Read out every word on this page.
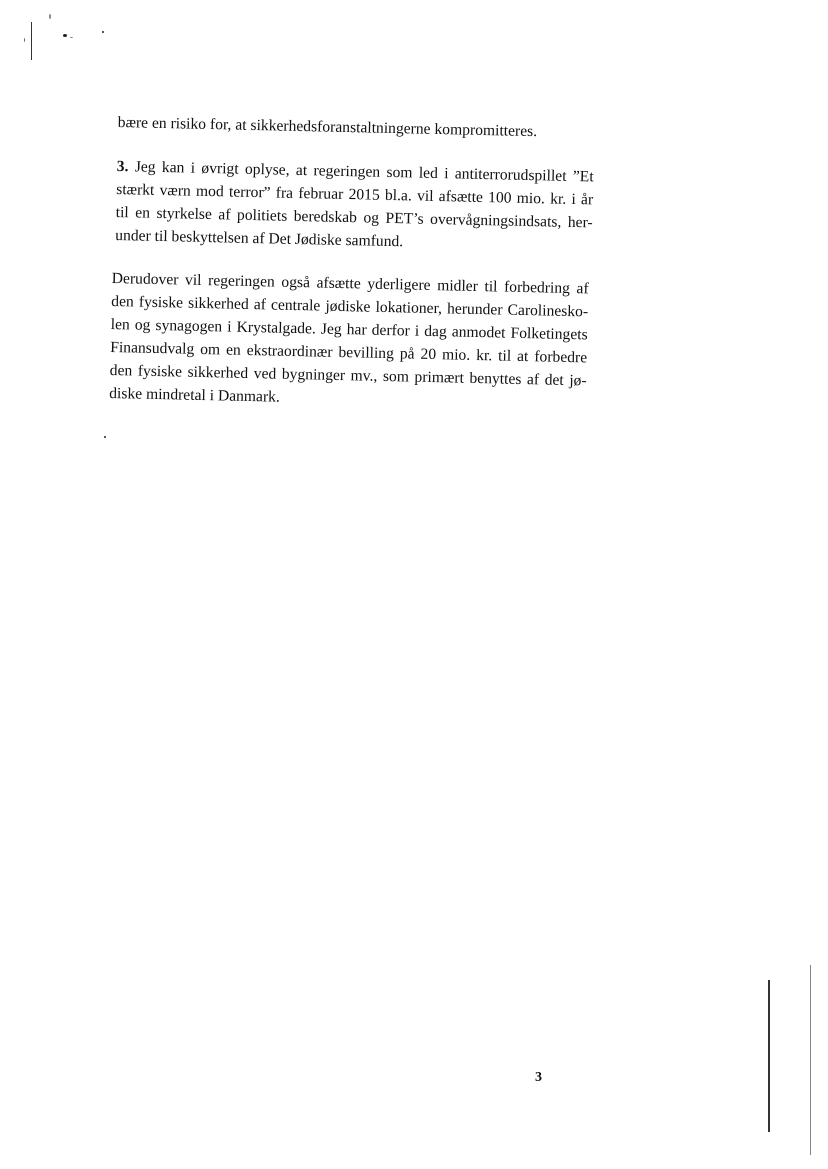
bære en risiko for, at sikkerhedsforanstaltningerne kompromitteres.
3. Jeg kan i øvrigt oplyse, at regeringen som led i antiterrorudspillet ”Et
stærkt værn mod terror” fra februar 2015 bl.a. vil afsætte 100 mio. kr. i år
til en styrkelse af politiets beredskab og PET’s overvågningsindsats, her-
under til beskyttelsen af Det Jødiske samfund.
Derudover vil regeringen også afsætte yderligere midler til forbedring af
den fysiske sikkerhed af centrale jødiske lokationer, herunder Carolinesko-
len og synagogen i Krystalgade. Jeg har derfor i dag anmodet Folketingets
Finansudvalg om en ekstraordinær bevilling på 20 mio. kr. til at forbedre
den fysiske sikkerhed ved bygninger mv., som primært benyttes af det jø-
diske mindretal i Danmark.
3
